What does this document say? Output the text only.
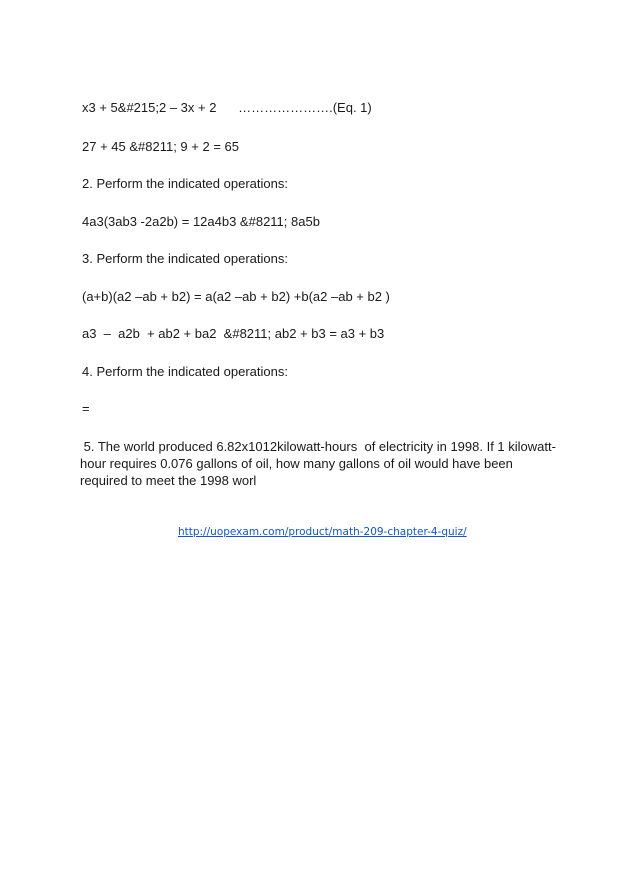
x3 + 5&#215;2 – 3x + 2      ………………….(Eq. 1)
27 + 45 &#8211; 9 + 2 = 65
2. Perform the indicated operations:
4a3(3ab3 -2a2b) = 12a4b3 &#8211; 8a5b
3. Perform the indicated operations:
(a+b)(a2 –ab + b2) = a(a2 –ab + b2) +b(a2 –ab + b2 )
a3  –  a2b  + ab2 + ba2  &#8211; ab2 + b3 = a3 + b3
4. Perform the indicated operations:
=
5. The world produced 6.82x1012kilowatt-hours  of electricity in 1998. If 1 kilowatt-
hour requires 0.076 gallons of oil, how many gallons of oil would have been
required to meet the 1998 worl
http://uopexam.com/product/math-209-chapter-4-quiz/
